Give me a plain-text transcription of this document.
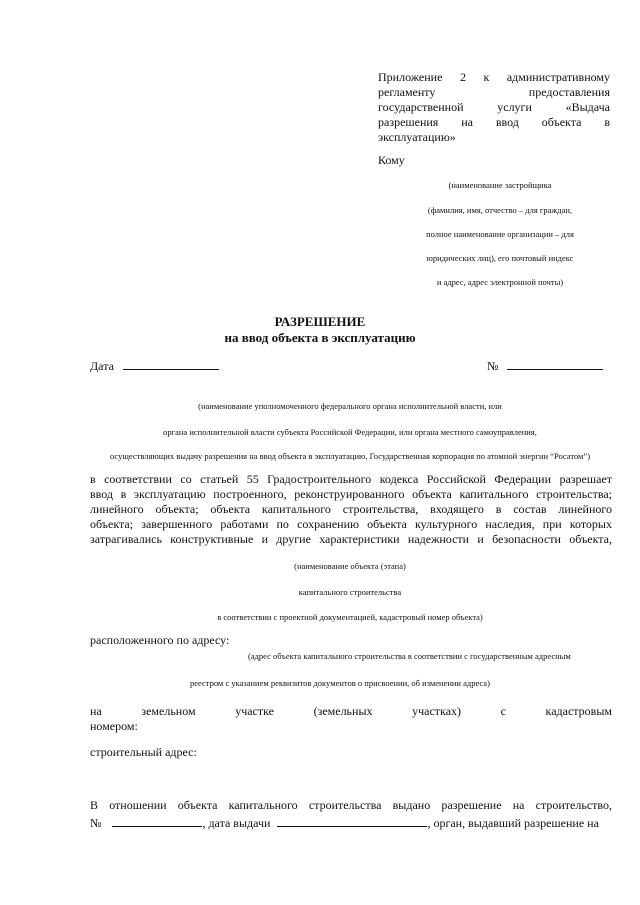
Приложение 2 к административному
регламенту предоставления
государственной услуги «Выдача
разрешения на ввод объекта в
эксплуатацию»
Кому
(наименование застройщика
(фамилия, имя, отчество – для граждан,
полное наименование организации – для
юридических лиц), его почтовый индекс
и адрес, адрес электронной почты)
РАЗРЕШЕНИЕ
на ввод объекта в эксплуатацию
Дата	№
(наименование уполномоченного федерального органа исполнительной власти, или
органа исполнительной власти субъекта Российской Федерации, или органа местного самоуправления,
осуществляющих выдачу разрешения на ввод объекта в эксплуатацию, Государственная корпорация по атомной энергии “Росатом”)
в соответствии со статьей 55 Градостроительного кодекса Российской Федерации разрешает
ввод в эксплуатацию построенного, реконструированного объекта капитального строительства;
линейного объекта; объекта капитального строительства, входящего в состав линейного
объекта; завершенного работами по сохранению объекта культурного наследия, при которых
затрагивались конструктивные и другие характеристики надежности и безопасности объекта,
(наименование объекта (этапа)
капитального строительства
в соответствии с проектной документацией, кадастровый номер объекта)
расположенного по адресу:
(адрес объекта капитального строительства в соответствии с государственным адресным
реестром с указанием реквизитов документов о присвоении, об изменении адреса)
на земельном участке (земельных участках) с кадастровым
номером:
строительный адрес:
В отношении объекта капитального строительства выдано разрешение на строительство,
№	, дата выдачи	, орган, выдавший разрешение на
